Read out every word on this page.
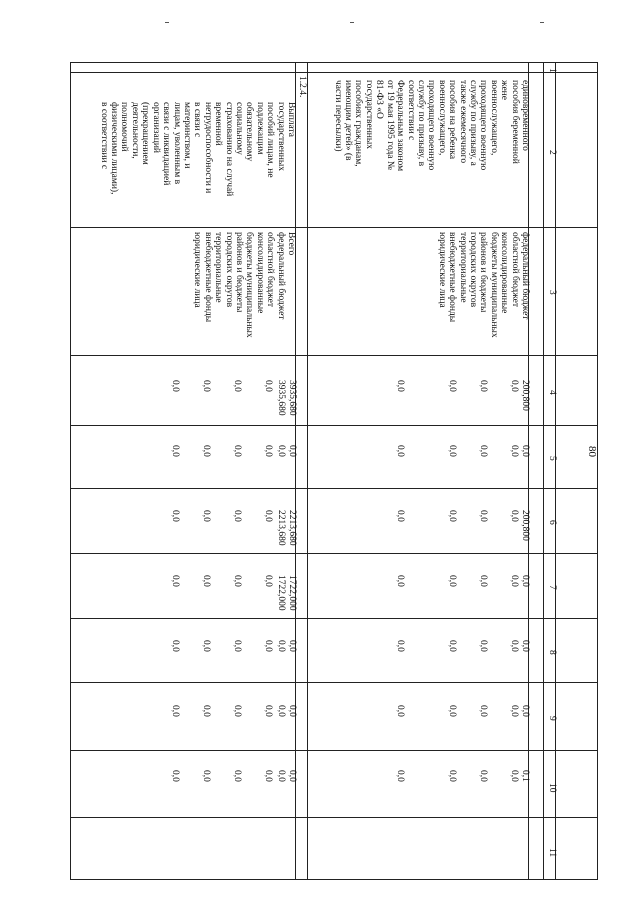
80
1
2
3
4
5
6
7
8
9
10
11
единовременного
пособия беременной
жене
военнослужащего,
проходящего военную
службу по призыву, а
также ежемесячного
пособия на ребенка
военнослужащего,
проходящего военную
службу по призыву, в
соответствии с
Федеральным законом
от 19 мая 1995 года №
81-ФЗ «О
государственных
пособиях гражданам,
имеющим детей» (в
части пересылки)
федеральный бюджет
областной бюджет
консолидированные
бюджеты муниципальных
районов и бюджеты
городских округов
территориальные
внебюджетные фонды
юридические лица
200,800
0,0
200,800
0,0
0,0
0,0
0,1
0,0
0,0
0,0
0,0
0,0
0,0
0,0
0,0
0,0
0,0
0,0
0,0
0,0
0,0
0,0
0,0
0,0
0,0
0,0
0,0
0,0
0,0
0,0
0,0
0,0
0,0
0,0
0,0
1.2.4.
Выплата
государственных
пособий лицам, не
подлежащим
обязательному
социальному
страхованию на случай
временной
нетрудоспособности и
в связи с
материнством, и
лицам, уволенным в
связи с ликвидацией
организаций
(прекращением
деятельности,
полномочий
физическими лицами),
в соответствии с
Всего
федеральный бюджет
областной бюджет
консолидированные
бюджеты муниципальных
районов и бюджеты
городских округов
территориальные
внебюджетные фонды
юридические лица
3935,680
0,0
2213,680
1722,000
0,0
0,0
0,0
3935,680
0,0
2213,680
1722,000
0,0
0,0
0,0
0,0
0,0
0,0
0,0
0,0
0,0
0,0
0,0
0,0
0,0
0,0
0,0
0,0
0,0
0,0
0,0
0,0
0,0
0,0
0,0
0,0
0,0
0,0
0,0
0,0
0,0
0,0
0,0
